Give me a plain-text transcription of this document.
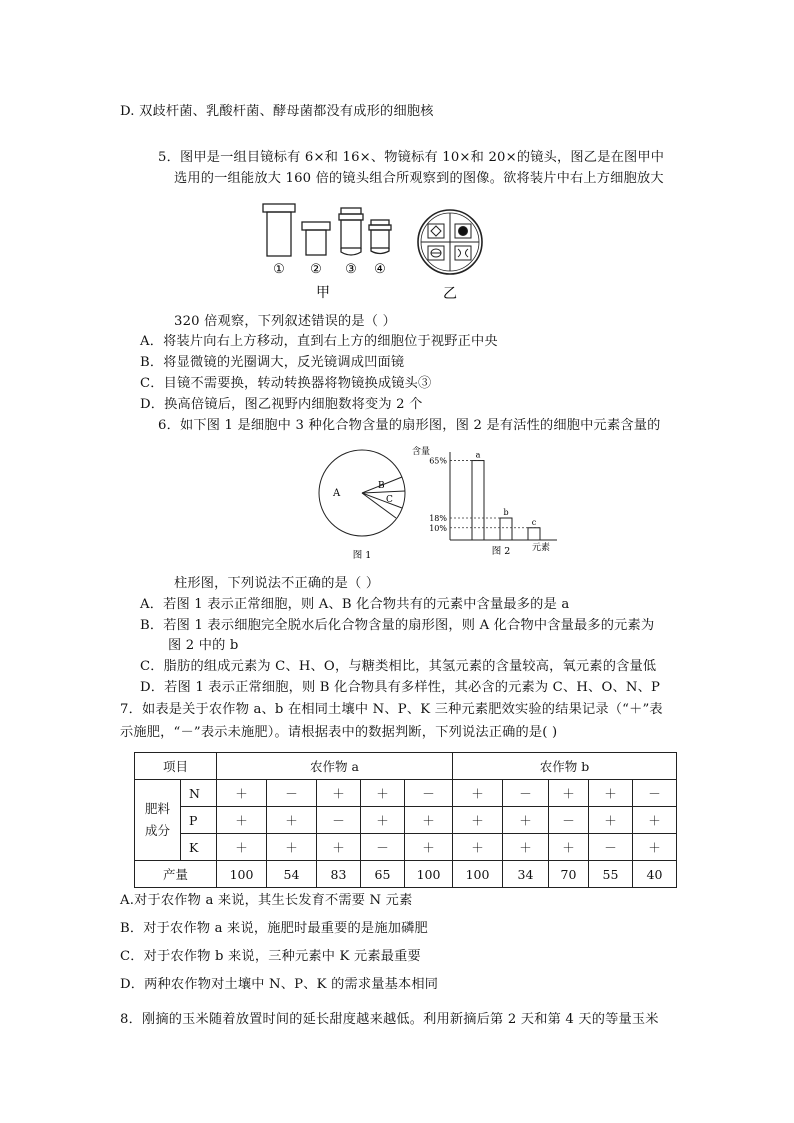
D. 双歧杆菌、乳酸杆菌、酵母菌都没有成形的细胞核
5．图甲是一组目镜标有 6×和 16×、物镜标有 10×和 20×的镜头，图乙是在图甲中
选用的一组能放大 160 倍的镜头组合所观察到的图像。欲将装片中右上方细胞放大
① ② ③ ④
甲	乙
320 倍观察，下列叙述错误的是（ ）
A．将装片向右上方移动，直到右上方的细胞位于视野正中央
B．将显微镜的光圈调大，反光镜调成凹面镜
C．目镜不需要换，转动转换器将物镜换成镜头③
D．换高倍镜后，图乙视野内细胞数将变为 2 个
6．如下图 1 是细胞中 3 种化合物含量的扇形图，图 2 是有活性的细胞中元素含量的
A
B
C
图 1
含量
65%
a
18%
b
10%
c
元素
图 2
柱形图，下列说法不正确的是（ ）
A．若图 1 表示正常细胞，则 A、B 化合物共有的元素中含量最多的是 a
B．若图 1 表示细胞完全脱水后化合物含量的扇形图，则 A 化合物中含量最多的元素为
图 2 中的 b
C．脂肪的组成元素为 C、H、O，与糖类相比，其氢元素的含量较高，氧元素的含量低
D．若图 1 表示正常细胞，则 B 化合物具有多样性，其必含的元素为 C、H、O、N、P
7．如表是关于农作物 a、b 在相同土壤中 N、P、K 三种元素肥效实验的结果记录（“＋”表
示施肥，“－”表示未施肥）。请根据表中的数据判断，下列说法正确的是( )
项目		农作物 a					农作物 b				
肥料
成分	N	＋	－	＋	＋	－	＋	－	＋	＋	－
	P	＋	＋	－	＋	＋	＋	＋	－	＋	＋
	K	＋	＋	＋	－	＋	＋	＋	＋	－	＋
产量		100	54	83	65	100	100	34	70	55	40
A.对于农作物 a 来说，其生长发育不需要 N 元素
B．对于农作物 a 来说，施肥时最重要的是施加磷肥
C．对于农作物 b 来说，三种元素中 K 元素最重要
D．两种农作物对土壤中 N、P、K 的需求量基本相同
8．刚摘的玉米随着放置时间的延长甜度越来越低。利用新摘后第 2 天和第 4 天的等量玉米
